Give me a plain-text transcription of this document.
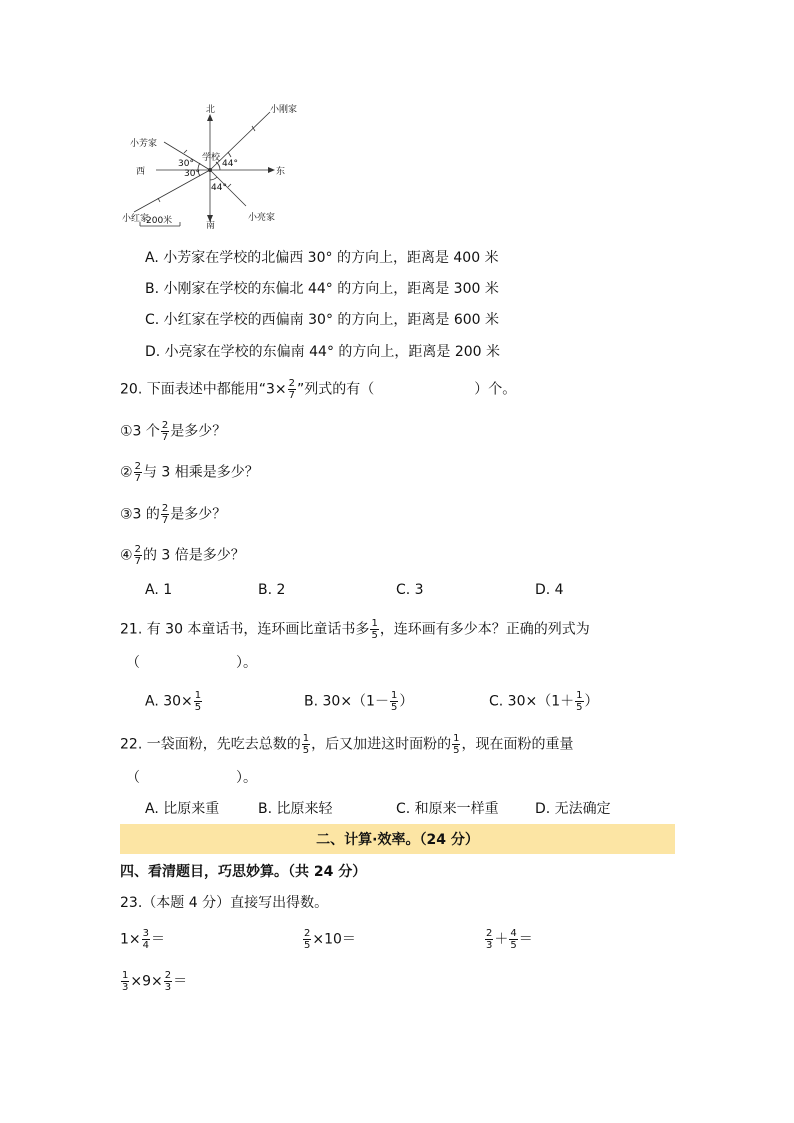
北
南
西	东
学校
小刚家
小芳家
小红家	小亮家
30°
30°
44°
44°
200米
A. 小芳家在学校的北偏西 30° 的方向上，距离是 400 米
B. 小刚家在学校的东偏北 44° 的方向上，距离是 300 米
C. 小红家在学校的西偏南 30° 的方向上，距离是 600 米
D. 小亮家在学校的东偏南 44° 的方向上，距离是 200 米
20. 下面表述中都能用“$3\times \frac{2}{7}$ ”列式的有（	）个。
①3 个 $\frac{2}{7}$ 是多少？
② $\frac{2}{7}$ 与 3 相乘是多少？
③3 的 $\frac{2}{7}$ 是多少？
④ $\frac{2}{7}$ 的 3 倍是多少？
A. 1	B. 2	C. 3	D. 4
21. 有 30 本童话书，连环画比童话书多 $\frac{1}{5}$ ，连环画有多少本？正确的列式为
（	）。
A. $30\times \frac{1}{5}$	B. $30\times(1- \frac{1}{5}$ ）	C. $30\times(1+ \frac{1}{5}$ ）
22. 一袋面粉，先吃去总数的 $\frac{1}{5}$ ，后又加进这时面粉的 $\frac{1}{5}$ ，现在面粉的重量
（	）。
A. 比原来重	B. 比原来轻	C. 和原来一样重	D. 无法确定
二、计算·效率。（24 分）
四、看清题目，巧思妙算。（共 24 分）
23.（本题 4 分）直接写出得数。
$1\times \frac{3}{4}$ ＝	$\frac{2}{5} \times 10=$	$\frac{2}{3} + \frac{4}{5}$ ＝
$\frac{1}{3} \times 9\times \frac{2}{3}$ ＝
